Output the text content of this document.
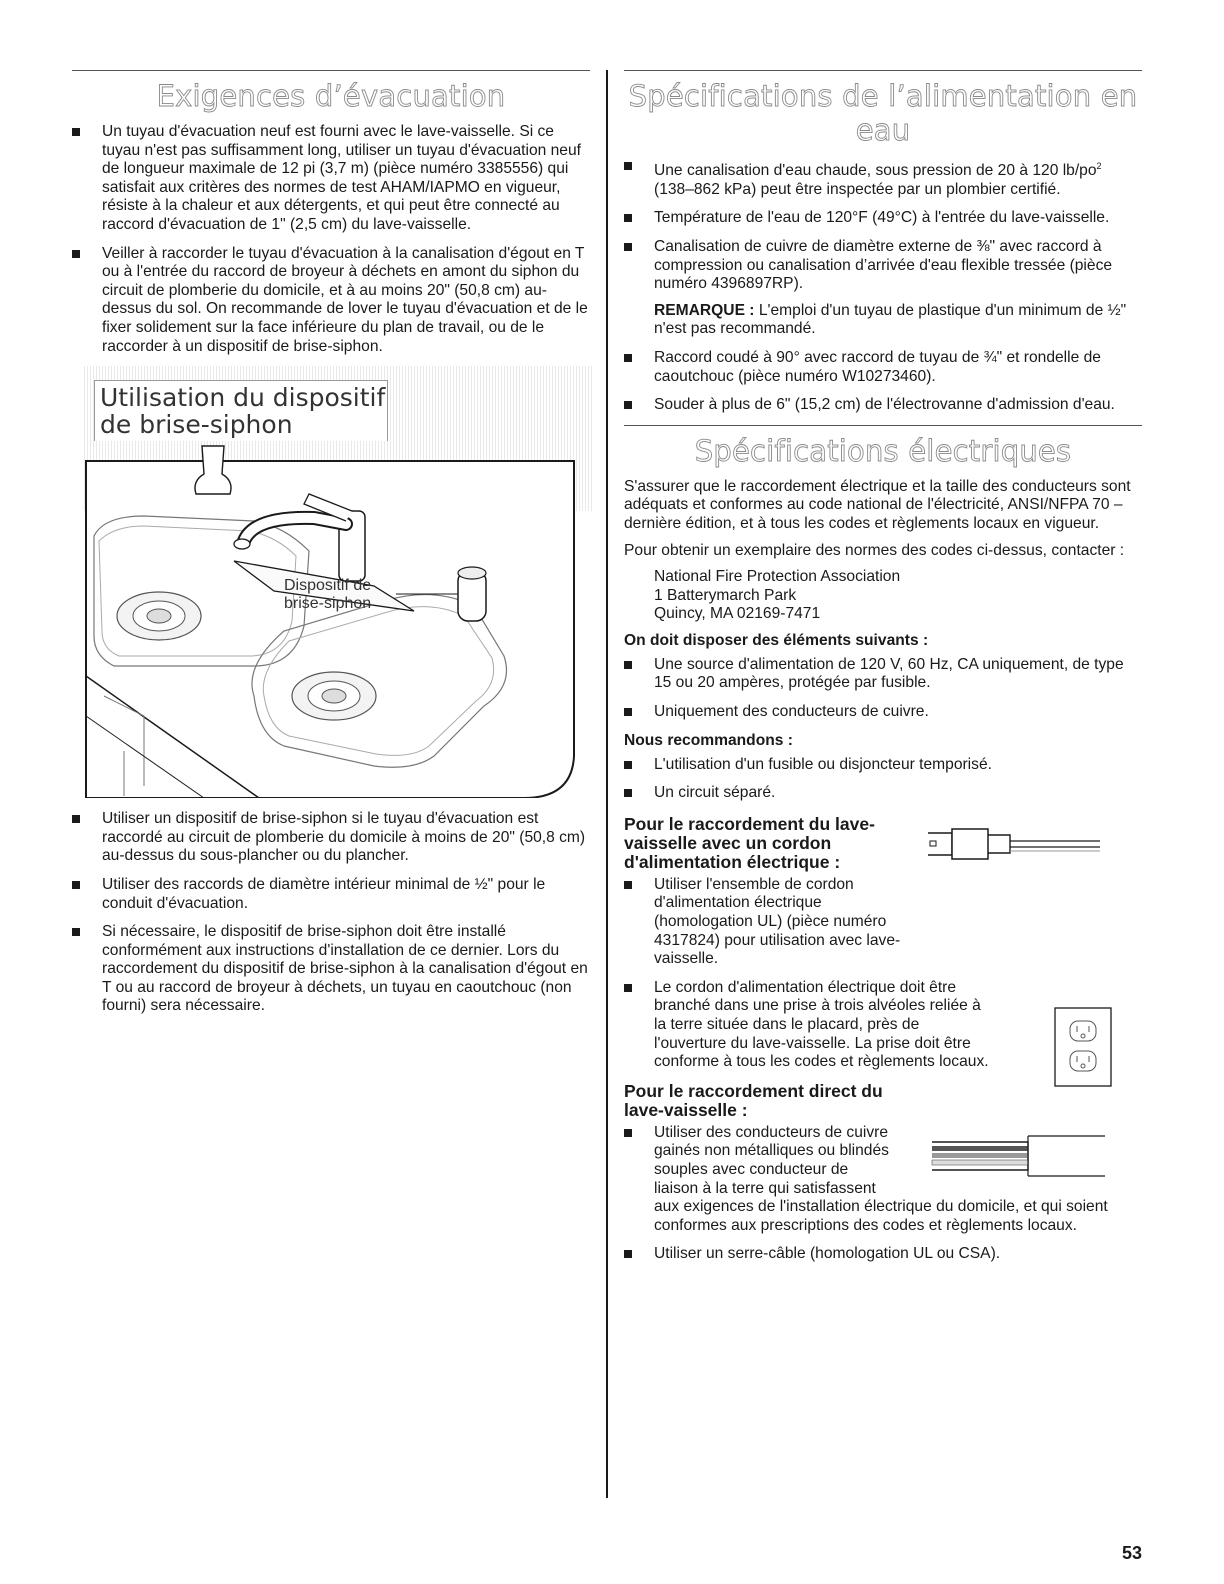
Exigences d’évacuation
Un tuyau d'évacuation neuf est fourni avec le lave-vaisselle. Si ce tuyau n'est pas suffisamment long, utiliser un tuyau d'évacuation neuf de longueur maximale de 12 pi (3,7 m) (pièce numéro 3385556) qui satisfait aux critères des normes de test AHAM/IAPMO en vigueur, résiste à la chaleur et aux détergents, et qui peut être connecté au raccord d'évacuation de 1" (2,5 cm) du lave-vaisselle.
Veiller à raccorder le tuyau d'évacuation à la canalisation d'égout en T ou à l'entrée du raccord de broyeur à déchets en amont du siphon du circuit de plomberie du domicile, et à au moins 20" (50,8 cm) au-dessus du sol. On recommande de lover le tuyau d'évacuation et de le fixer solidement sur la face inférieure du plan de travail, ou de le raccorder à un dispositif de brise-siphon.
Utilisation du dispositif
de brise-siphon
Dispositif de
brise-siphon
Utiliser un dispositif de brise-siphon si le tuyau d'évacuation est raccordé au circuit de plomberie du domicile à moins de 20" (50,8 cm) au-dessus du sous-plancher ou du plancher.
Utiliser des raccords de diamètre intérieur minimal de ½" pour le conduit d'évacuation.
Si nécessaire, le dispositif de brise-siphon doit être installé conformément aux instructions d'installation de ce dernier. Lors du raccordement du dispositif de brise-siphon à la canalisation d'égout en T ou au raccord de broyeur à déchets, un tuyau en caoutchouc (non fourni) sera nécessaire.
Spécifications de l’alimentation en eau
Une canalisation d'eau chaude, sous pression de 20 à 120 $lb/po^2$ (138–862 kPa) peut être inspectée par un plombier certifié.
Température de l'eau de 120°F (49°C) à l'entrée du lave-vaisselle.
Canalisation de cuivre de diamètre externe de ⅜" avec raccord à compression ou canalisation d’arrivée d'eau flexible tressée (pièce numéro 4396897RP).
REMARQUE : L'emploi d'un tuyau de plastique d'un minimum de ½" n'est pas recommandé.
Raccord coudé à 90° avec raccord de tuyau de ¾" et rondelle de caoutchouc (pièce numéro W10273460).
Souder à plus de 6" (15,2 cm) de l'électrovanne d'admission d'eau.
Spécifications électriques

S'assurer que le raccordement électrique et la taille des conducteurs sont adéquats et conformes au code national de l'électricité, ANSI/NFPA 70 – dernière édition, et à tous les codes et règlements locaux en vigueur.

Pour obtenir un exemplaire des normes des codes ci-dessus, contacter :

National Fire Protection Association
1 Batterymarch Park
Quincy, MA 02169-7471
On doit disposer des éléments suivants :
Une source d'alimentation de 120 V, 60 Hz, CA uniquement, de type 15 ou 20 ampères, protégée par fusible.
Uniquement des conducteurs de cuivre.
Nous recommandons :
L'utilisation d'un fusible ou disjoncteur temporisé.
Un circuit séparé.
Pour le raccordement du lave-vaisselle avec un cordon d'alimentation électrique :
Utiliser l'ensemble de cordon d'alimentation électrique (homologation UL) (pièce numéro 4317824) pour utilisation avec lave-vaisselle.
Le cordon d'alimentation électrique doit être branché dans une prise à trois alvéoles reliée à la terre située dans le placard, près de l'ouverture du lave-vaisselle. La prise doit être conforme à tous les codes et règlements locaux.
Pour le raccordement direct du lave-vaisselle :
Utiliser des conducteurs de cuivre gainés non métalliques ou blindés souples avec conducteur de liaison à la terre qui satisfassent
aux exigences de l'installation électrique du domicile, et qui soient conformes aux prescriptions des codes et règlements locaux.
Utiliser un serre-câble (homologation UL ou CSA).
53
